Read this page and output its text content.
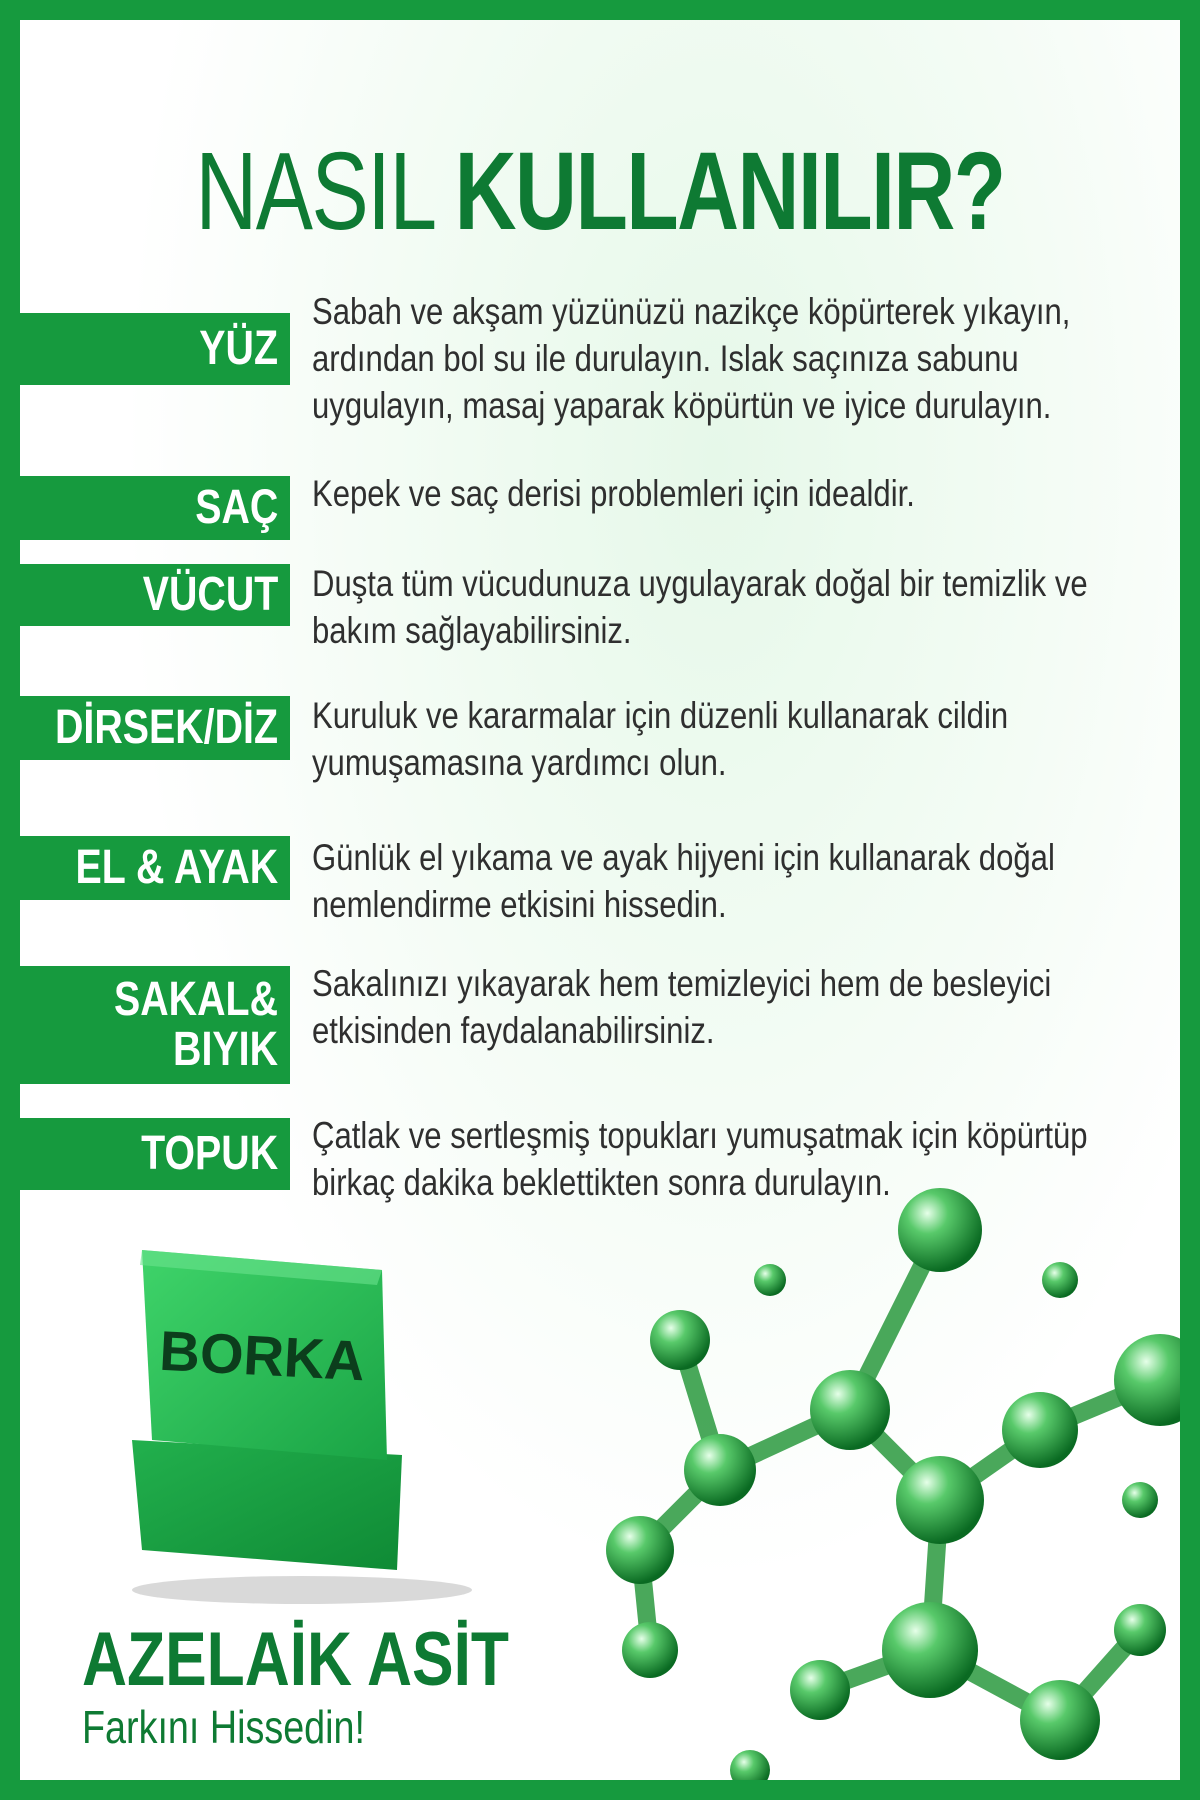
NASIL KULLANILIR?
YÜZ
Sabah ve akşam yüzünüzü nazikçe köpürterek yıkayın, ardından bol su ile durulayın. Islak saçınıza sabunu uygulayın, masaj yaparak köpürtün ve iyice durulayın.
SAÇ Kepek ve saç derisi problemleri için idealdir.
VÜCUT Duşta tüm vücudunuza uygulayarak doğal bir temizlik ve bakım sağlayabilirsiniz.
DİRSEK/DİZ Kuruluk ve kararmalar için düzenli kullanarak cildin yumuşamasına yardımcı olun.
EL & AYAK Günlük el yıkama ve ayak hijyeni için kullanarak doğal nemlendirme etkisini hissedin.
SAKAL&
BIYIK
Sakalınızı yıkayarak hem temizleyici hem de besleyici etkisinden faydalanabilirsiniz.
TOPUK Çatlak ve sertleşmiş topukları yumuşatmak için köpürtüp birkaç dakika beklettikten sonra durulayın.
BORKA
AZELAİK ASİT
Farkını Hissedin!
